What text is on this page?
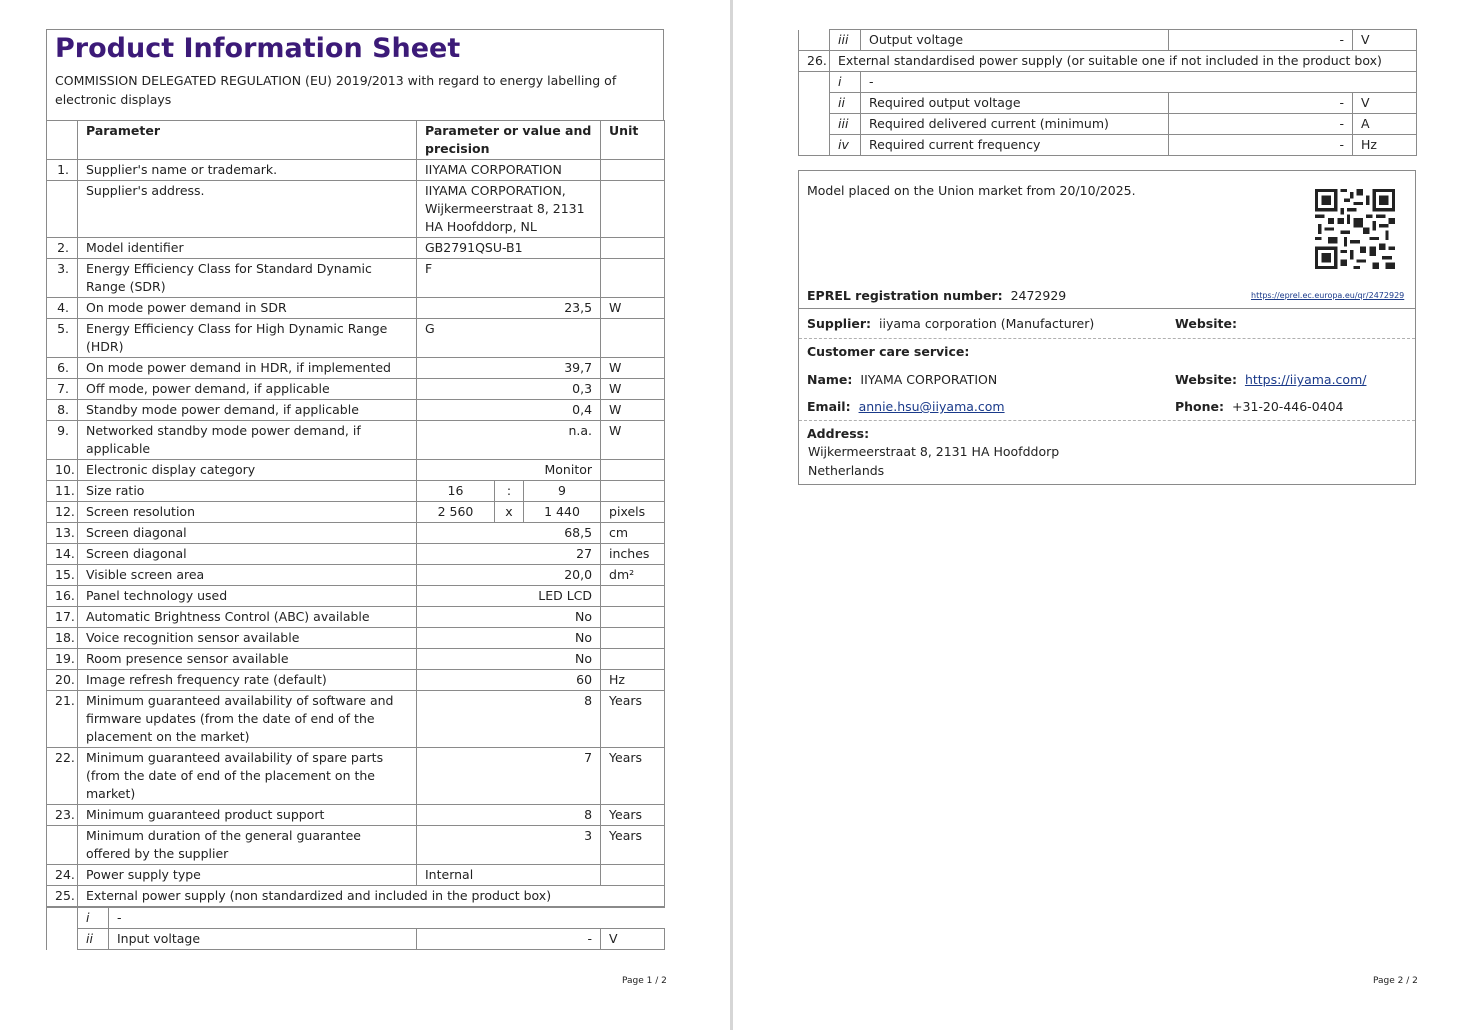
Product Information Sheet
COMMISSION DELEGATED REGULATION (EU) 2019/2013 with regard to energy labelling of electronic displays
	Parameter	Parameter or value and precision			Unit
1.	Supplier's name or trademark.	IIYAMA CORPORATION			
	Supplier's address.	IIYAMA CORPORATION, Wijkermeerstraat 8, 2131 HA Hoofddorp, NL			
2.	Model identifier	GB2791QSU-B1			
3.	Energy Efficiency Class for Standard Dynamic Range (SDR)	F			
4.	On mode power demand in SDR	23,5			W
5.	Energy Efficiency Class for High Dynamic Range (HDR)	G			
6.	On mode power demand in HDR, if implemented	39,7			W
7.	Off mode, power demand, if applicable	0,3			W
8.	Standby mode power demand, if applicable	0,4			W
9.	Networked standby mode power demand, if applicable	n.a.			W
10.	Electronic display category	Monitor			
11.	Size ratio	16	:	9	
12.	Screen resolution	2 560	x	1 440	pixels
13.	Screen diagonal	68,5			cm
14.	Screen diagonal	27			inches
15.	Visible screen area	20,0			dm²
16.	Panel technology used	LED LCD			
17.	Automatic Brightness Control (ABC) available	No			
18.	Voice recognition sensor available	No			
19.	Room presence sensor available	No			
20.	Image refresh frequency rate (default)	60			Hz
21.	Minimum guaranteed availability of software and firmware updates (from the date of end of the placement on the market)	8			Years
22.	Minimum guaranteed availability of spare parts (from the date of end of the placement on the market)	7			Years
23.	Minimum guaranteed product support	8			Years
	Minimum duration of the general guarantee offered by the supplier	3			Years
24.	Power supply type	Internal			
25.	External power supply (non standardized and included in the product box)				
	i	-		
	ii	Input voltage	-	V
Page 1 / 2
	iii	Output voltage	-	V
26.	External standardised power supply (or suitable one if not included in the product box)			
	i	-		
	ii	Required output voltage	-	V
	iii	Required delivered current (minimum)	-	A
	iv	Required current frequency	-	Hz
Model placed on the Union market from 20/10/2025.
EPREL registration number: 2472929	https://eprel.ec.europa.eu/qr/2472929
Supplier: iiyama corporation (Manufacturer)	Website:
Customer care service:
Name: IIYAMA CORPORATION	Website: https://iiyama.com/
Email: annie.hsu@iiyama.com	Phone: +31-20-446-0404
Address:
Wijkermeerstraat 8, 2131 HA Hoofddorp
Netherlands
Page 2 / 2
